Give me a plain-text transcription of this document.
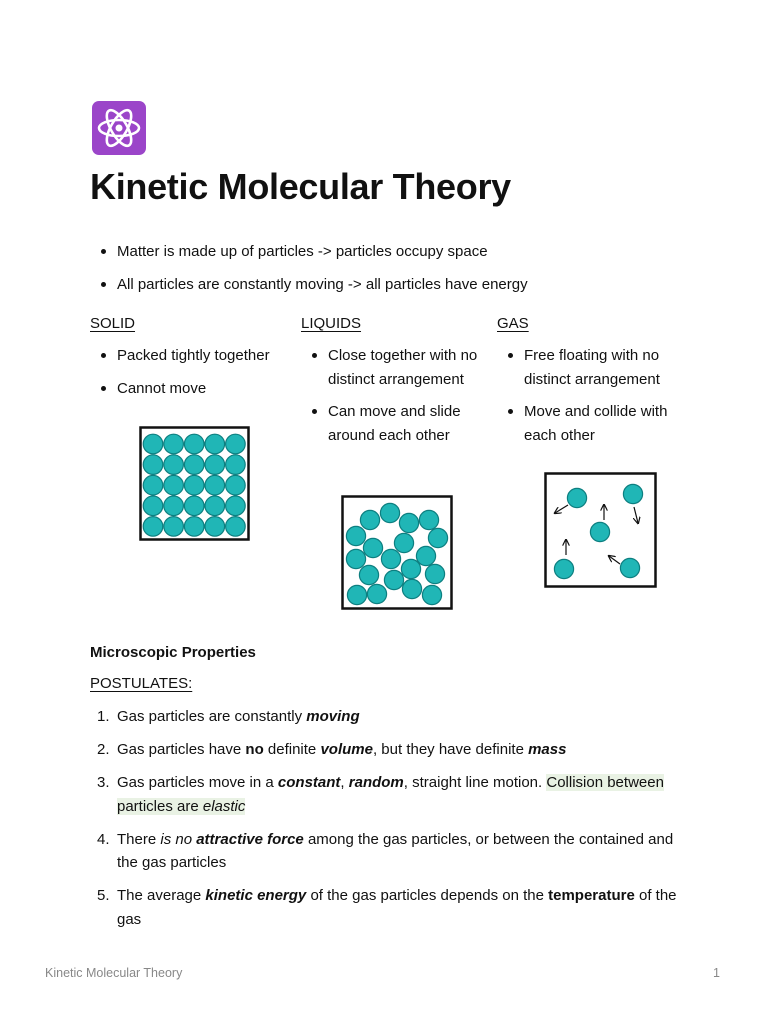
Kinetic Molecular Theory
Matter is made up of particles -> particles occupy space
All particles are constantly moving -> all particles have energy
SOLID
Packed tightly together
Cannot move
LIQUIDS
Close together with no distinct arrangement
Can move and slide around each other
GAS
Free floating with no distinct arrangement
Move and collide with each other
Microscopic Properties
POSTULATES:
1. Gas particles are constantly moving
2. Gas particles have no definite volume, but they have definite mass
3. Gas particles move in a constant, random, straight line motion. Collision between particles are elastic
4. There is no attractive force among the gas particles, or between the contained and the gas particles
5. The average kinetic energy of the gas particles depends on the temperature of the gas
Kinetic Molecular Theory	1
